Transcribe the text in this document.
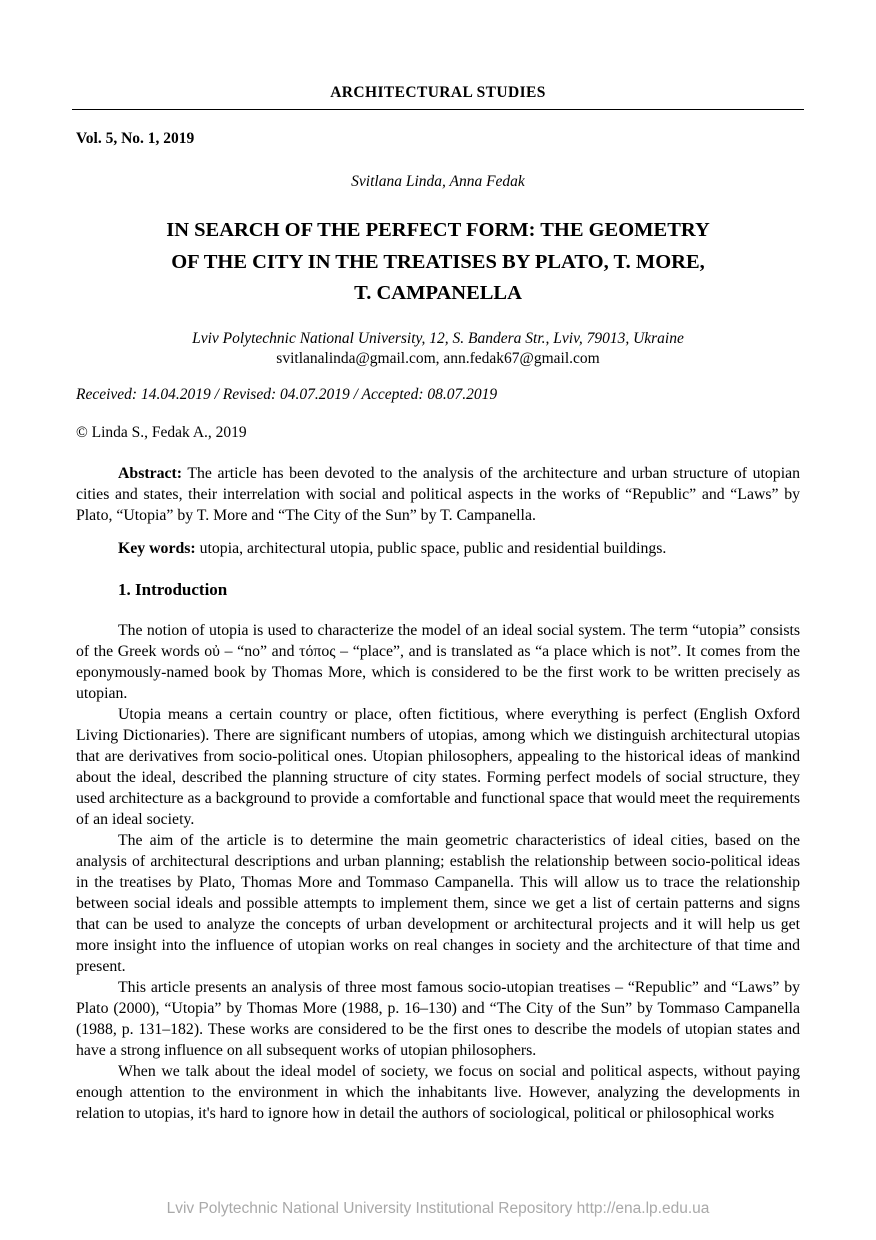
ARCHITECTURAL STUDIES
Vol. 5, No. 1, 2019
Svitlana Linda, Anna Fedak
IN SEARCH OF THE PERFECT FORM: THE GEOMETRY
OF THE CITY IN THE TREATISES BY PLATO, T. MORE,
T. CAMPANELLA
Lviv Polytechnic National University, 12, S. Bandera Str., Lviv, 79013, Ukraine
svitlanalinda@gmail.com, ann.fedak67@gmail.com
Received: 14.04.2019 / Revised: 04.07.2019 / Accepted: 08.07.2019
© Linda S., Fedak A., 2019

Abstract: The article has been devoted to the analysis of the architecture and urban structure of utopian cities and states, their interrelation with social and political aspects in the works of “Republic” and “Laws” by Plato, “Utopia” by T. More and “The City of the Sun” by T. Campanella.

Key words: utopia, architectural utopia, public space, public and residential buildings.

1. Introduction

The notion of utopia is used to characterize the model of an ideal social system. The term “utopia” consists of the Greek words οὐ – “no” and τόπος – “place”, and is translated as “a place which is not”. It comes from the eponymously-named book by Thomas More, which is considered to be the first work to be written precisely as utopian.

Utopia means a certain country or place, often fictitious, where everything is perfect (English Oxford Living Dictionaries). There are significant numbers of utopias, among which we distinguish architectural utopias that are derivatives from socio-political ones. Utopian philosophers, appealing to the historical ideas of mankind about the ideal, described the planning structure of city states. Forming perfect models of social structure, they used architecture as a background to provide a comfortable and functional space that would meet the requirements of an ideal society.

The aim of the article is to determine the main geometric characteristics of ideal cities, based on the analysis of architectural descriptions and urban planning; establish the relationship between socio-political ideas in the treatises by Plato, Thomas More and Tommaso Campanella. This will allow us to trace the relationship between social ideals and possible attempts to implement them, since we get a list of certain patterns and signs that can be used to analyze the concepts of urban development or architectural projects and it will help us get more insight into the influence of utopian works on real changes in society and the architecture of that time and present.

This article presents an analysis of three most famous socio-utopian treatises – “Republic” and “Laws” by Plato (2000), “Utopia” by Thomas More (1988, p. 16–130) and “The City of the Sun” by Tommaso Campanella (1988, p. 131–182). These works are considered to be the first ones to describe the models of utopian states and have a strong influence on all subsequent works of utopian philosophers.

When we talk about the ideal model of society, we focus on social and political aspects, without paying enough attention to the environment in which the inhabitants live. However, analyzing the developments in relation to utopias, it's hard to ignore how in detail the authors of sociological, political or philosophical works

Lviv Polytechnic National University Institutional Repository http://ena.lp.edu.ua
